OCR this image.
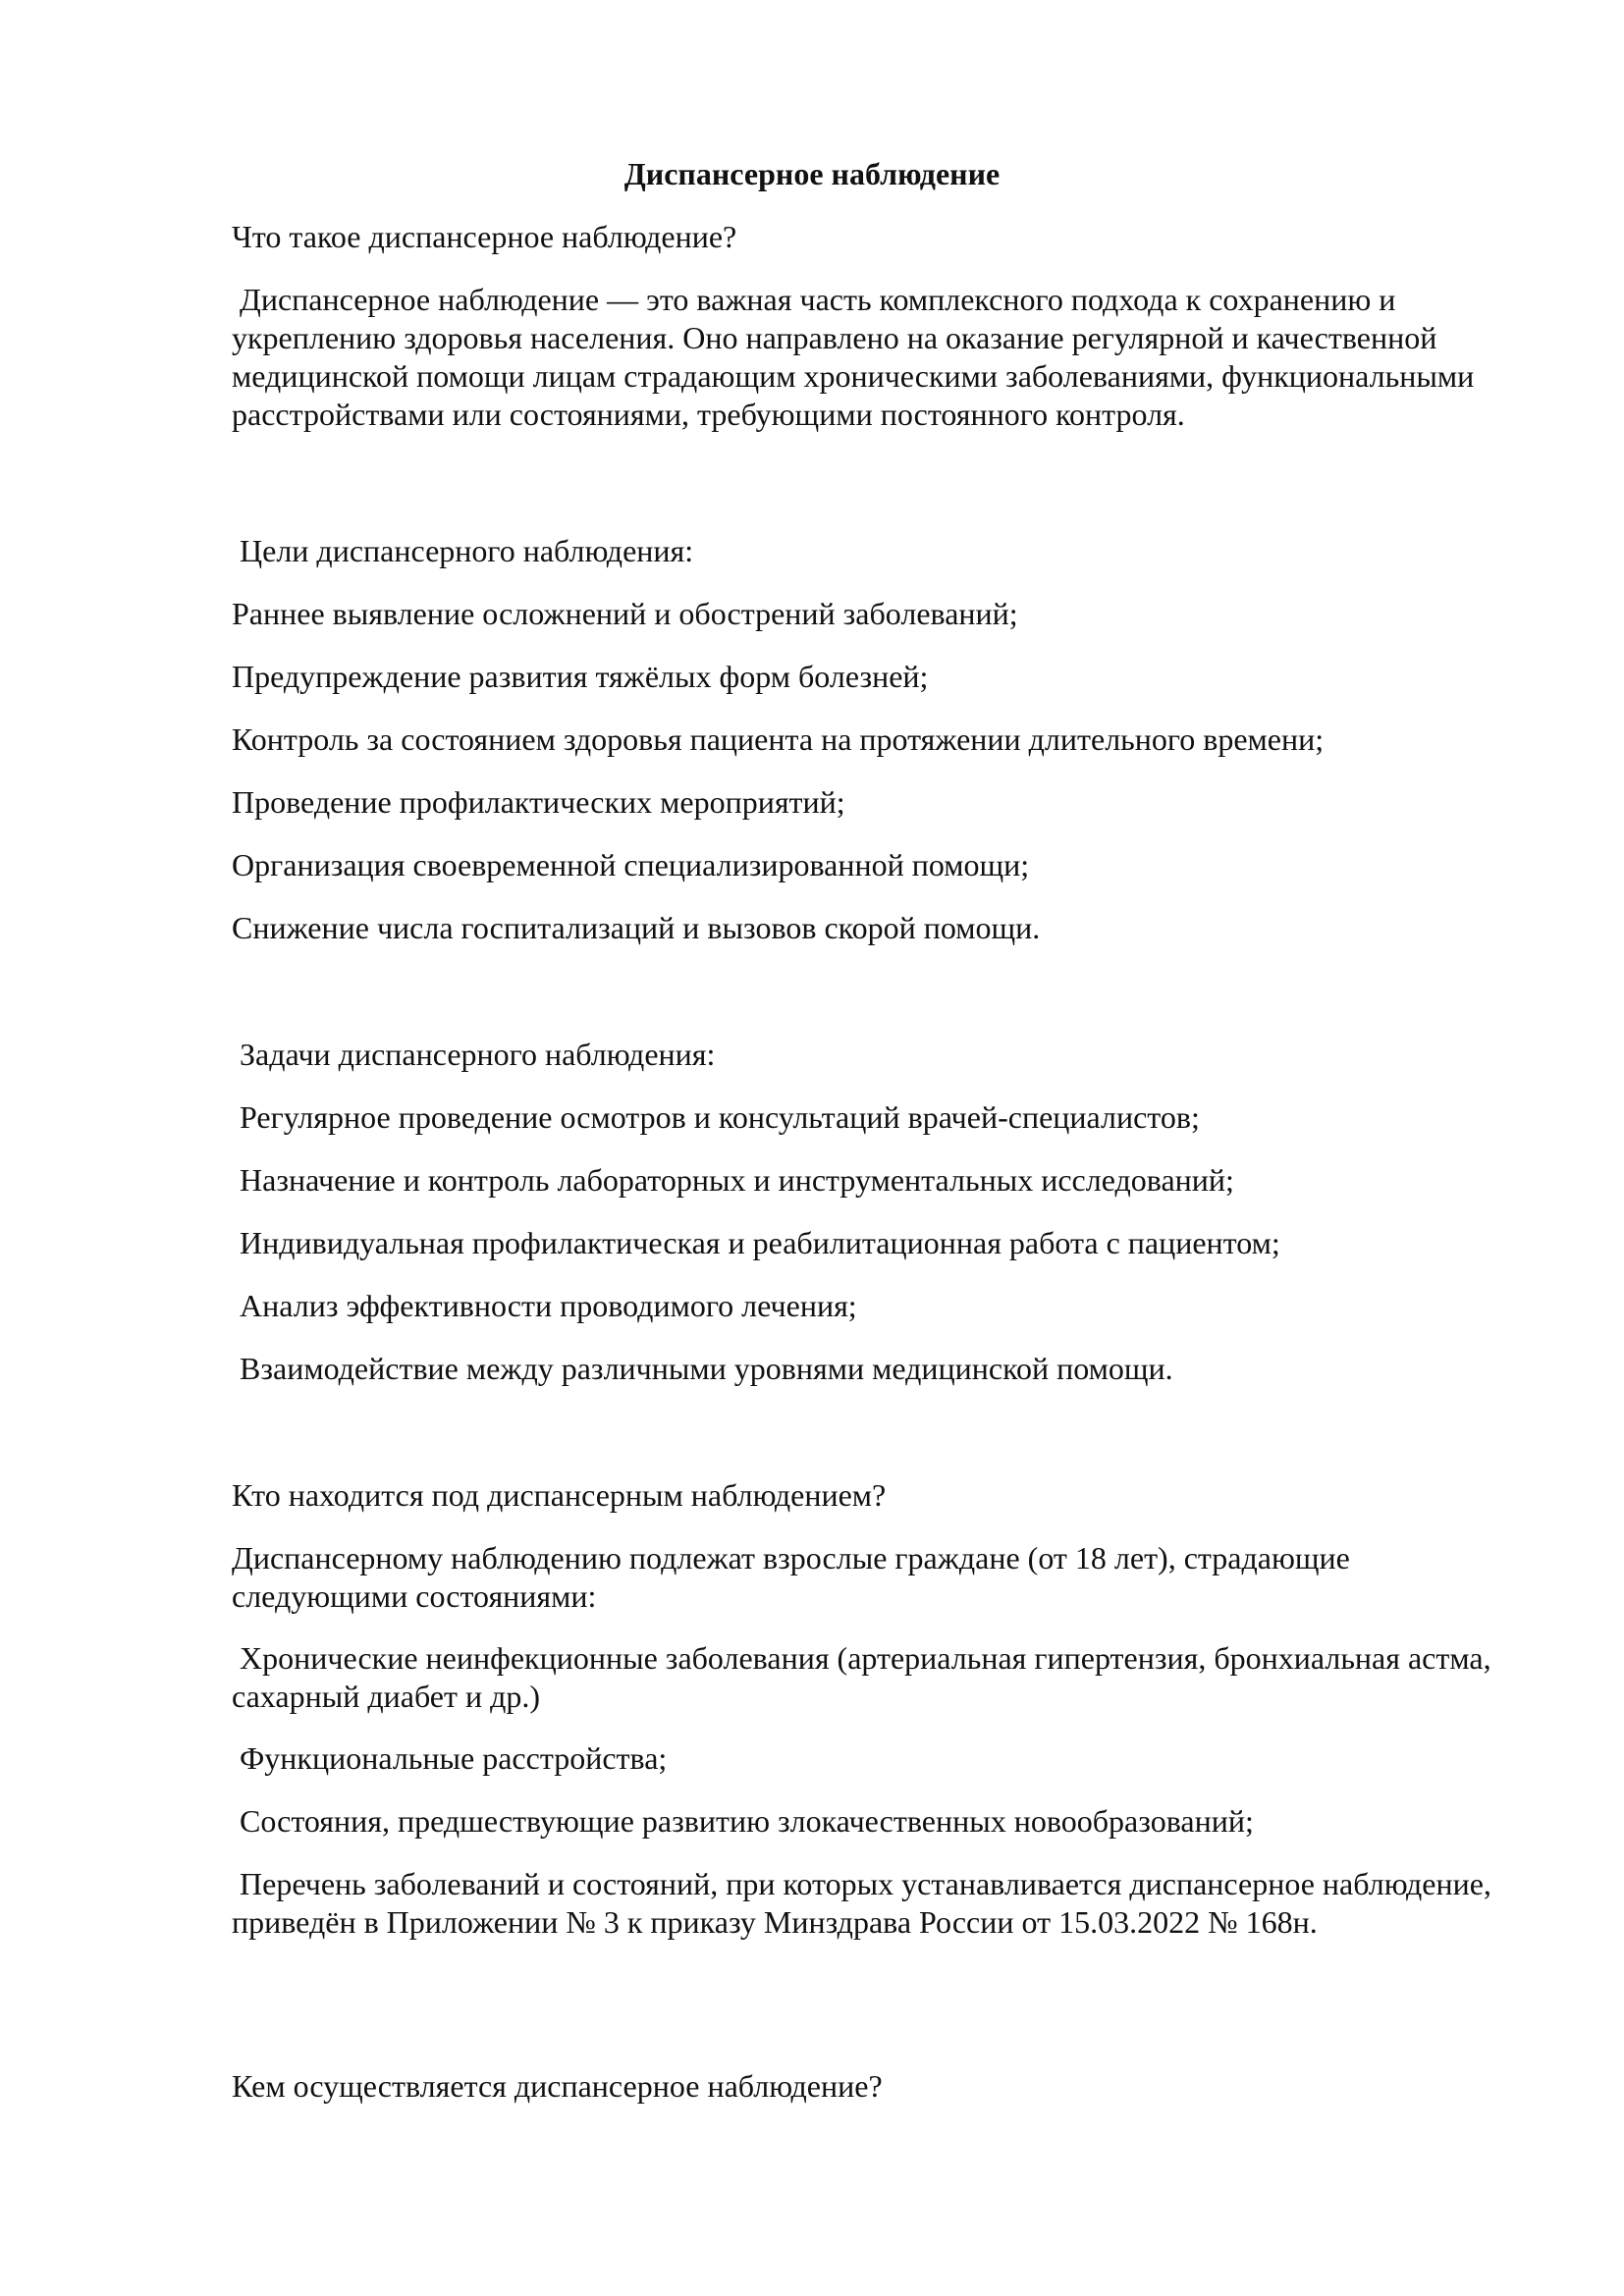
Диспансерное наблюдение

Что такое диспансерное наблюдение?

Диспансерное наблюдение — это важная часть комплексного подхода к сохранению и укреплению здоровья населения. Оно направлено на оказание регулярной и качественной медицинской помощи лицам страдающим хроническими заболеваниями, функциональными расстройствами или состояниями, требующими постоянного контроля.

Цели диспансерного наблюдения:

Раннее выявление осложнений и обострений заболеваний;

Предупреждение развития тяжёлых форм болезней;

Контроль за состоянием здоровья пациента на протяжении длительного времени;

Проведение профилактических мероприятий;

Организация своевременной специализированной помощи;

Снижение числа госпитализаций и вызовов скорой помощи.

Задачи диспансерного наблюдения:

Регулярное проведение осмотров и консультаций врачей-специалистов;

Назначение и контроль лабораторных и инструментальных исследований;

Индивидуальная профилактическая и реабилитационная работа с пациентом;

Анализ эффективности проводимого лечения;

Взаимодействие между различными уровнями медицинской помощи.

Кто находится под диспансерным наблюдением?

Диспансерному наблюдению подлежат взрослые граждане (от 18 лет), страдающие следующими состояниями:

Хронические неинфекционные заболевания (артериальная гипертензия, бронхиальная астма, сахарный диабет и др.)

Функциональные расстройства;

Состояния, предшествующие развитию злокачественных новообразований;

Перечень заболеваний и состояний, при которых устанавливается диспансерное наблюдение, приведён в Приложении № 3 к приказу Минздрава России от 15.03.2022 № 168н.

Кем осуществляется диспансерное наблюдение?
